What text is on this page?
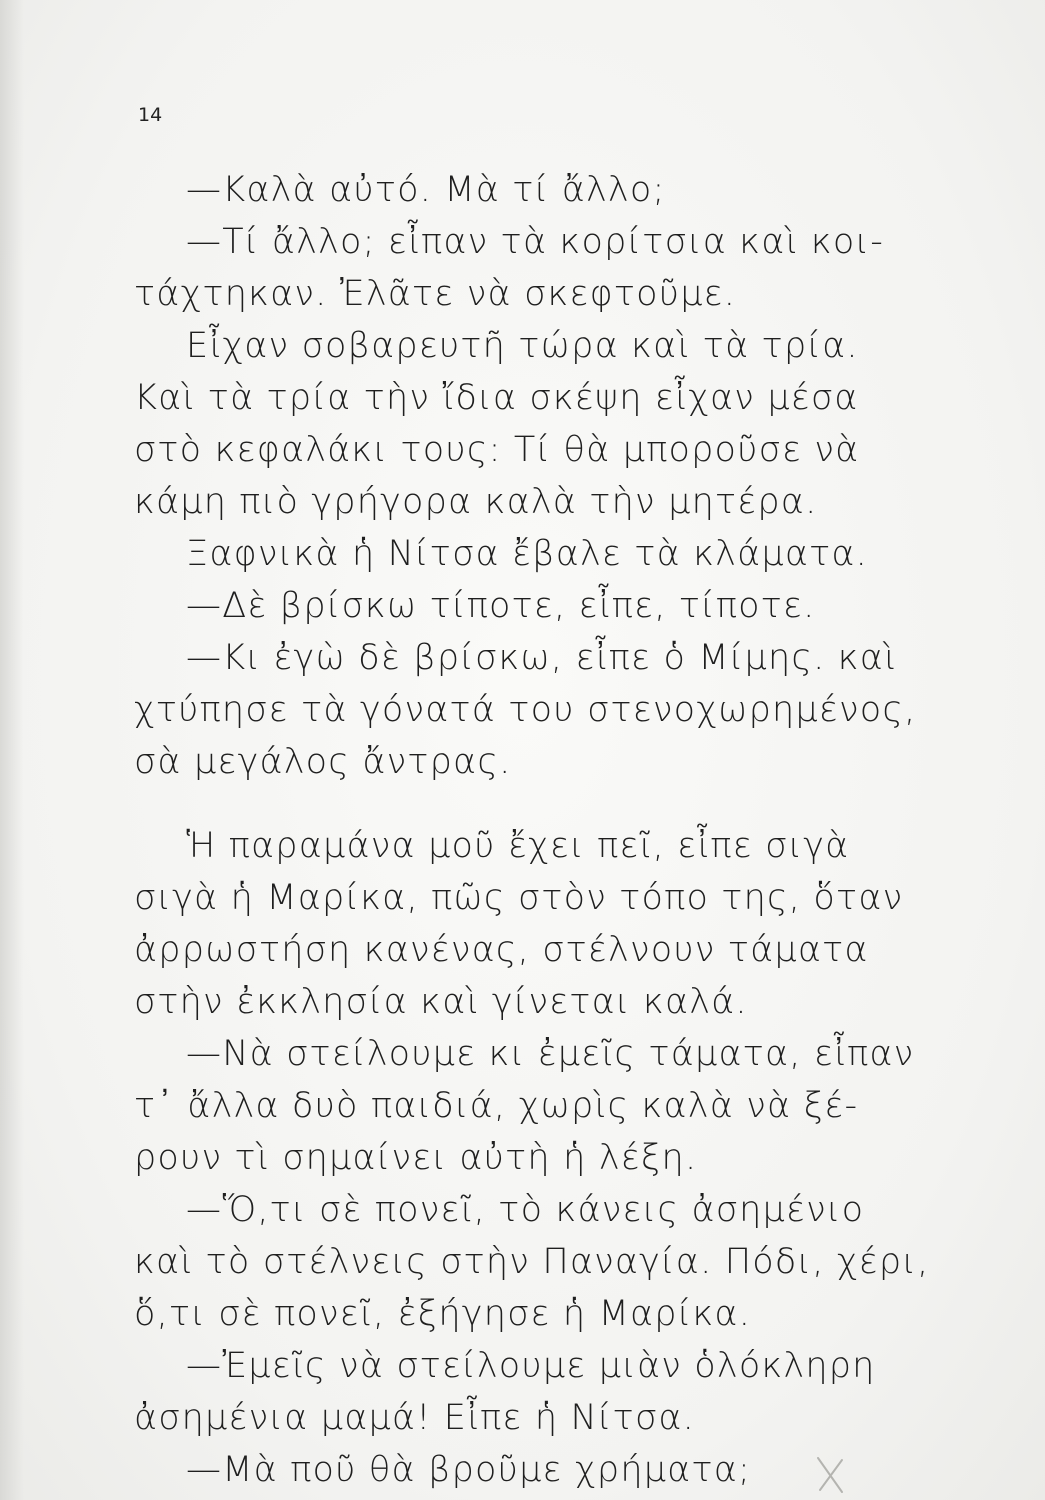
14
—Καλὰ αὐτό. Μὰ τί ἄλλο;
—Τί ἄλλο; εἶπαν τὰ κορίτσια καὶ κοι-
τάχτηκαν. Ἐλᾶτε νὰ σκεφτοῦμε.
Εἶχαν σοβαρευτῆ τώρα καὶ τὰ τρία.
Καὶ τὰ τρία τὴν ἴδια σκέψη εἶχαν μέσα
στὸ κεφαλάκι τους: Τί θὰ μποροῦσε νὰ
κάμη πιὸ γρήγορα καλὰ τὴν μητέρα.
Ξαφνικὰ ἡ Νίτσα ἔβαλε τὰ κλάματα.
—Δὲ βρίσκω τίποτε, εἶπε, τίποτε.
—Κι ἐγὼ δὲ βρίσκω, εἶπε ὁ Μίμης. καὶ
χτύπησε τὰ γόνατά του στενοχωρημένος,
σὰ μεγάλος ἄντρας.
Ἡ παραμάνα μοῦ ἔχει πεῖ, εἶπε σιγὰ
σιγὰ ἡ Μαρίκα, πῶς στὸν τόπο της, ὅταν
ἀρρωστήση κανένας, στέλνουν τάματα
στὴν ἐκκλησία καὶ γίνεται καλά.
—Νὰ στείλουμε κι ἐμεῖς τάματα, εἶπαν
τ᾽ ἄλλα δυὸ παιδιά, χωρὶς καλὰ νὰ ξέ-
ρουν τὶ σημαίνει αὐτὴ ἡ λέξη.
—Ὅ,τι σὲ πονεῖ, τὸ κάνεις ἀσημένιο
καὶ τὸ στέλνεις στὴν Παναγία. Πόδι, χέρι,
ὅ,τι σὲ πονεῖ, ἐξήγησε ἡ Μαρίκα.
—Ἐμεῖς νὰ στείλουμε μιὰν ὁλόκληρη
ἀσημένια μαμά! Εἶπε ἡ Νίτσα.
—Μὰ ποῦ θὰ βροῦμε χρήματα;
